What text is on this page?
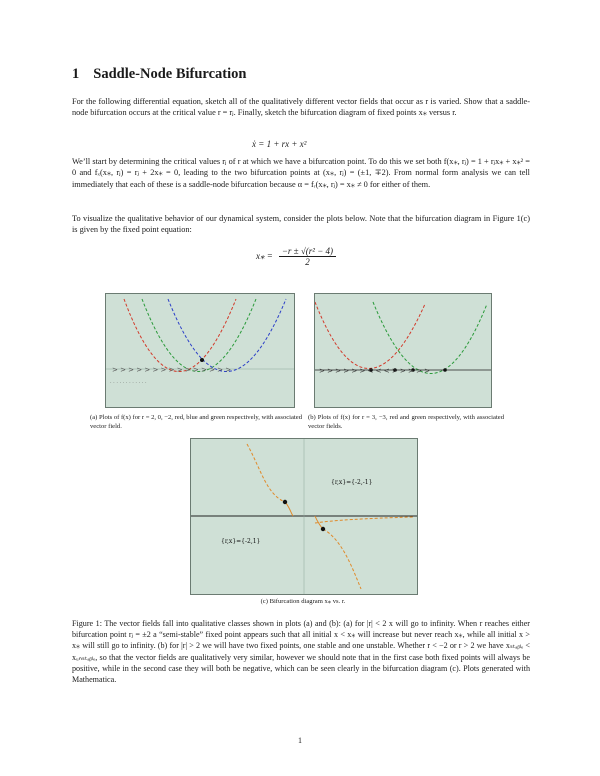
1 Saddle-Node Bifurcation
For the following differential equation, sketch all of the qualitatively different vector fields that occur as r is varied. Show that a saddle-node bifurcation occurs at the critical value r = rⱼ. Finally, sketch the bifurcation diagram of fixed points x⁎ versus r.
ẋ = 1 + rx + x²
We’ll start by determining the critical values rⱼ of r at which we have a bifurcation point. To do this we set both f(x⁎, rⱼ) = 1 + rⱼx⁎ + x⁎² = 0 and fₓ(x⁎, rⱼ) = rⱼ + 2x⁎ = 0, leading to the two bifurcation points at (x⁎, rⱼ) = (±1, ∓2). From normal form analysis we can tell immediately that each of these is a saddle-node bifurcation because α = fᵣ(x⁎, rⱼ) = x⁎ ≠ 0 for either of them.
To visualize the qualitative behavior of our dynamical system, consider the plots below. Note that the bifurcation diagram in Figure 1(c) is given by the fixed point equation:
x⁎ = $\frac{\text{−r ± √(r² − 4)}}{2}$
> > > > > > > > > > > > > > >
· · · · · · · · · · · ·
(a) Plots of f(x) for r = 2, 0, −2, red, blue and green respectively, with associated vector field.
> > > > > > < < < > > > > >
(b) Plots of f(x) for r = 3, −3, red and green respectively, with associated vector fields.
{r,x}={-2,-1}
{r,x}={-2,1}
(c) Bifurcation diagram x⁎ vs. r.
Figure 1: The vector fields fall into qualitative classes shown in plots (a) and (b): (a) for |r| < 2 x will go to infinity. When r reaches either bifurcation point rⱼ = ±2 a “semi-stable” fixed point appears such that all initial x < x⁎ will increase but never reach x⁎, while all initial x > x⁎ will still go to infinity. (b) for |r| > 2 we will have two fixed points, one stable and one unstable. Whether r < −2 or r > 2 we have xₛₜₐᵦₗₑ < xᵤₙₛₜₐᵦₗₑ, so that the vector fields are qualitatively very similar, however we should note that in the first case both fixed points will always be positive, while in the second case they will both be negative, which can be seen clearly in the bifurcation diagram (c). Plots generated with Mathematica.
1
